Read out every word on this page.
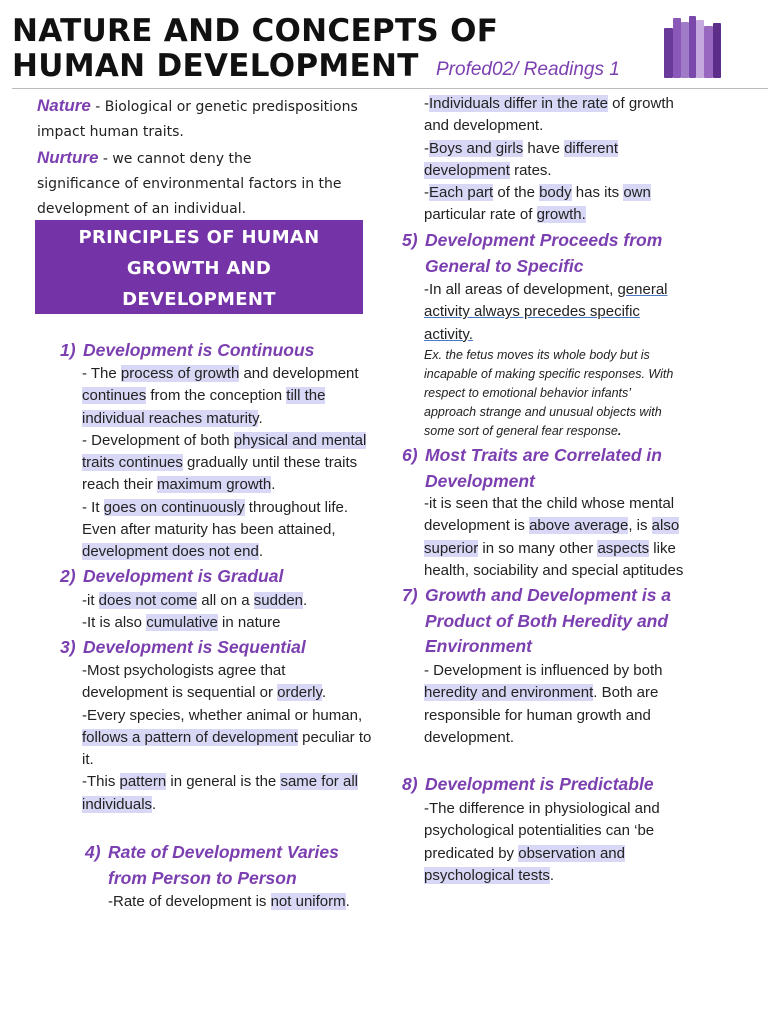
NATURE AND CONCEPTS OF
HUMAN DEVELOPMENT Profed02/ Readings 1
Nature - Biological or genetic predispositions
impact human traits.
Nurture - we cannot deny the
significance of environmental factors in the
development of an individual.
PRINCIPLES OF HUMAN
GROWTH AND
DEVELOPMENT
1) Development is Continuous
- The process of growth and development
continues from the conception till the
individual reaches maturity.
- Development of both physical and mental
traits continues gradually until these traits
reach their maximum growth.
- It goes on continuously throughout life.
Even after maturity has been attained,
development does not end.
2) Development is Gradual
-it does not come all on a sudden.
-It is also cumulative in nature
3) Development is Sequential
-Most psychologists agree that
development is sequential or orderly.
-Every species, whether animal or human,
follows a pattern of development peculiar to
it.
-This pattern in general is the same for all
individuals.
4) Rate of Development Varies
from Person to Person
-Rate of development is not uniform.
-Individuals differ in the rate of growth
and development.
-Boys and girls have different
development rates.
-Each part of the body has its own
particular rate of growth.
5) Development Proceeds from
General to Specific
-In all areas of development, general
activity always precedes specific
activity.
Ex. the fetus moves its whole body but is
incapable of making specific responses. With
respect to emotional behavior infants’
approach strange and unusual objects with
some sort of general fear response.
6) Most Traits are Correlated in
Development
-it is seen that the child whose mental
development is above average, is also
superior in so many other aspects like
health, sociability and special aptitudes
7) Growth and Development is a
Product of Both Heredity and
Environment
- Development is influenced by both
heredity and environment. Both are
responsible for human growth and
development.
8) Development is Predictable
-The difference in physiological and
psychological potentialities can ‘be
predicated by observation and
psychological tests.
